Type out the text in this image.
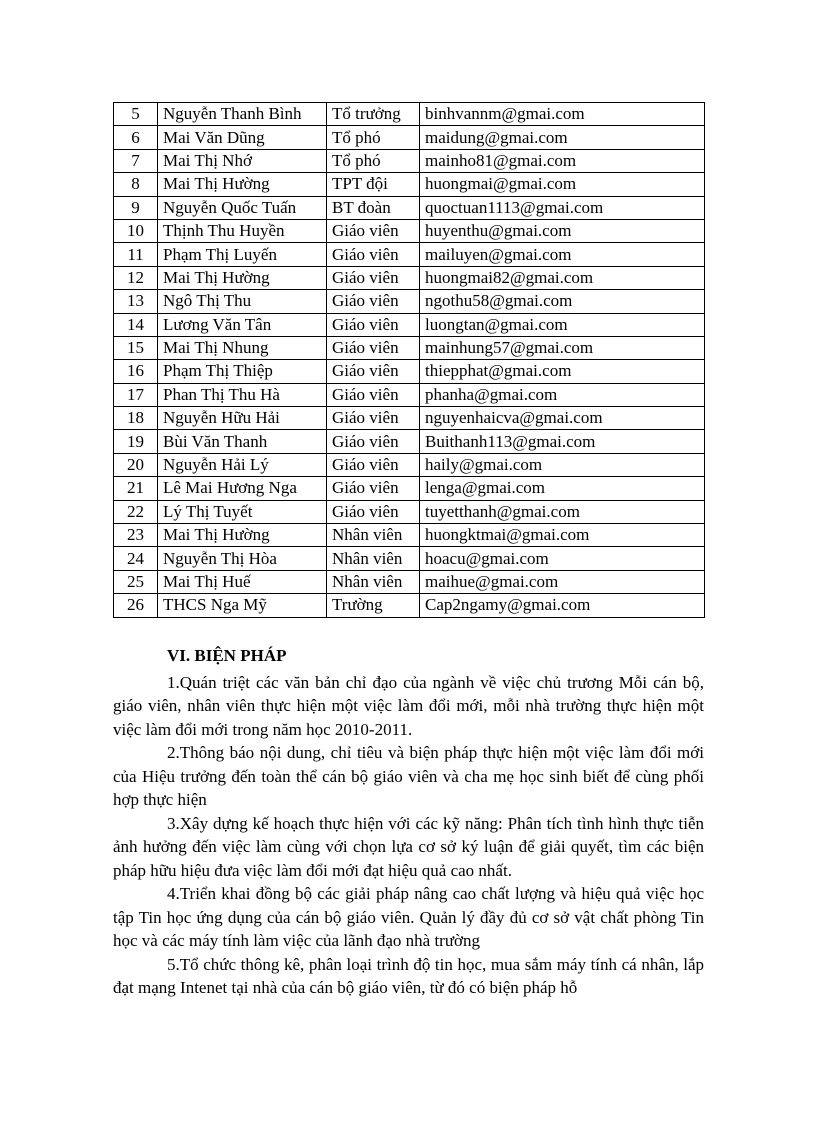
5	Nguyễn Thanh Bình	Tổ trưởng	binhvannm@gmai.com
6	Mai Văn Dũng	Tổ phó	maidung@gmai.com
7	Mai Thị Nhớ	Tổ phó	mainho81@gmai.com
8	Mai Thị Hường	TPT đội	huongmai@gmai.com
9	Nguyễn Quốc Tuấn	BT đoàn	quoctuan1113@gmai.com
10	Thịnh Thu Huyền	Giáo viên	huyenthu@gmai.com
11	Phạm Thị Luyến	Giáo viên	mailuyen@gmai.com
12	Mai Thị Hường	Giáo viên	huongmai82@gmai.com
13	Ngô Thị Thu	Giáo viên	ngothu58@gmai.com
14	Lương Văn Tân	Giáo viên	luongtan@gmai.com
15	Mai Thị Nhung	Giáo viên	mainhung57@gmai.com
16	Phạm Thị Thiệp	Giáo viên	thiepphat@gmai.com
17	Phan Thị Thu Hà	Giáo viên	phanha@gmai.com
18	Nguyễn Hữu Hải	Giáo viên	nguyenhaicva@gmai.com
19	Bùi Văn Thanh	Giáo viên	Buithanh113@gmai.com
20	Nguyễn Hải Lý	Giáo viên	haily@gmai.com
21	Lê Mai Hương Nga	Giáo viên	lenga@gmai.com
22	Lý Thị Tuyết	Giáo viên	tuyetthanh@gmai.com
23	Mai Thị Hường	Nhân viên	huongktmai@gmai.com
24	Nguyễn Thị Hòa	Nhân viên	hoacu@gmai.com
25	Mai Thị Huế	Nhân viên	maihue@gmai.com
26	THCS Nga Mỹ	Trường	Cap2ngamy@gmai.com
VI. BIỆN PHÁP

1.Quán triệt các văn bản chỉ đạo của ngành về việc chủ trương Mỗi cán bộ, giáo viên, nhân viên thực hiện một việc làm đổi mới, mỗi nhà trường thực hiện một việc làm đổi mới trong năm học 2010-2011.

2.Thông báo nội dung, chỉ tiêu và biện pháp thực hiện một việc làm đổi mới của Hiệu trưởng đến toàn thể cán bộ giáo viên và cha mẹ học sinh biết để cùng phối hợp thực hiện

3.Xây dựng kế hoạch thực hiện với các kỹ năng: Phân tích tình hình thực tiễn ảnh hưởng đến việc làm cùng với chọn lựa cơ sở ký luận để giải quyết, tìm các biện pháp hữu hiệu đưa việc làm đổi mới đạt hiệu quả cao nhất.

4.Triển khai đồng bộ các giải pháp nâng cao chất lượng và hiệu quả việc học tập Tin học ứng dụng của cán bộ giáo viên. Quản lý đầy đủ cơ sở vật chất phòng Tin học và các máy tính làm việc của lãnh đạo nhà trường

5.Tổ chức thông kê, phân loại trình độ tin học, mua sắm máy tính cá nhân, lắp đạt mạng Intenet tại nhà của cán bộ giáo viên, từ đó có biện pháp hỗ
